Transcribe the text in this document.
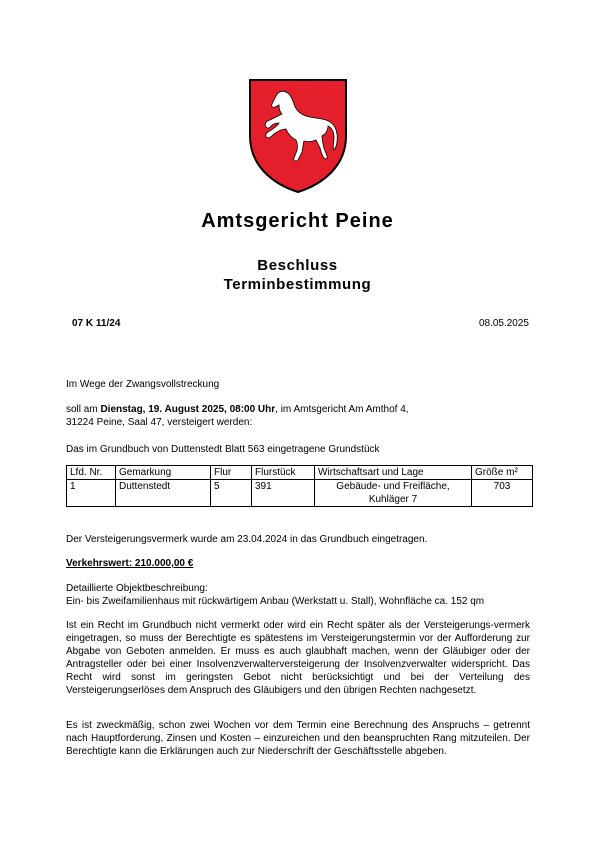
Amtsgericht Peine
Beschluss
Terminbestimmung
07 K 11/24	08.05.2025
Im Wege der Zwangsvollstreckung
soll am Dienstag, 19. August 2025, 08:00 Uhr, im Amtsgericht Am Amthof 4,
31224 Peine, Saal 47, versteigert werden:
Das im Grundbuch von Duttenstedt Blatt 563 eingetragene Grundstück
Lfd. Nr.	Gemarkung	Flur	Flurstück	Wirtschaftsart und Lage	Größe m²
1	Duttenstedt	5	391	Gebäude- und Freifläche, Kuhläger 7	703
Der Versteigerungsvermerk wurde am 23.04.2024 in das Grundbuch eingetragen.
Verkehrswert: 210.000,00 €
Detaillierte Objektbeschreibung:
Ein- bis Zweifamilienhaus mit rückwärtigem Anbau (Werkstatt u. Stall), Wohnfläche ca. 152 qm
Ist ein Recht im Grundbuch nicht vermerkt oder wird ein Recht später als der Versteigerungs-vermerk eingetragen, so muss der Berechtigte es spätestens im Versteigerungstermin vor der Aufforderung zur Abgabe von Geboten anmelden. Er muss es auch glaubhaft machen, wenn der Gläubiger oder der Antragsteller oder bei einer Insolvenzverwalterversteigerung der Insolvenzverwalter widerspricht. Das Recht wird sonst im geringsten Gebot nicht berücksichtigt und bei der Verteilung des Versteigerungserlöses dem Anspruch des Gläubigers und den übrigen Rechten nachgesetzt.
Es ist zweckmäßig, schon zwei Wochen vor dem Termin eine Berechnung des Anspruchs – getrennt nach Hauptforderung, Zinsen und Kosten – einzureichen und den beanspruchten Rang mitzuteilen. Der Berechtigte kann die Erklärungen auch zur Niederschrift der Geschäftsstelle abgeben.
